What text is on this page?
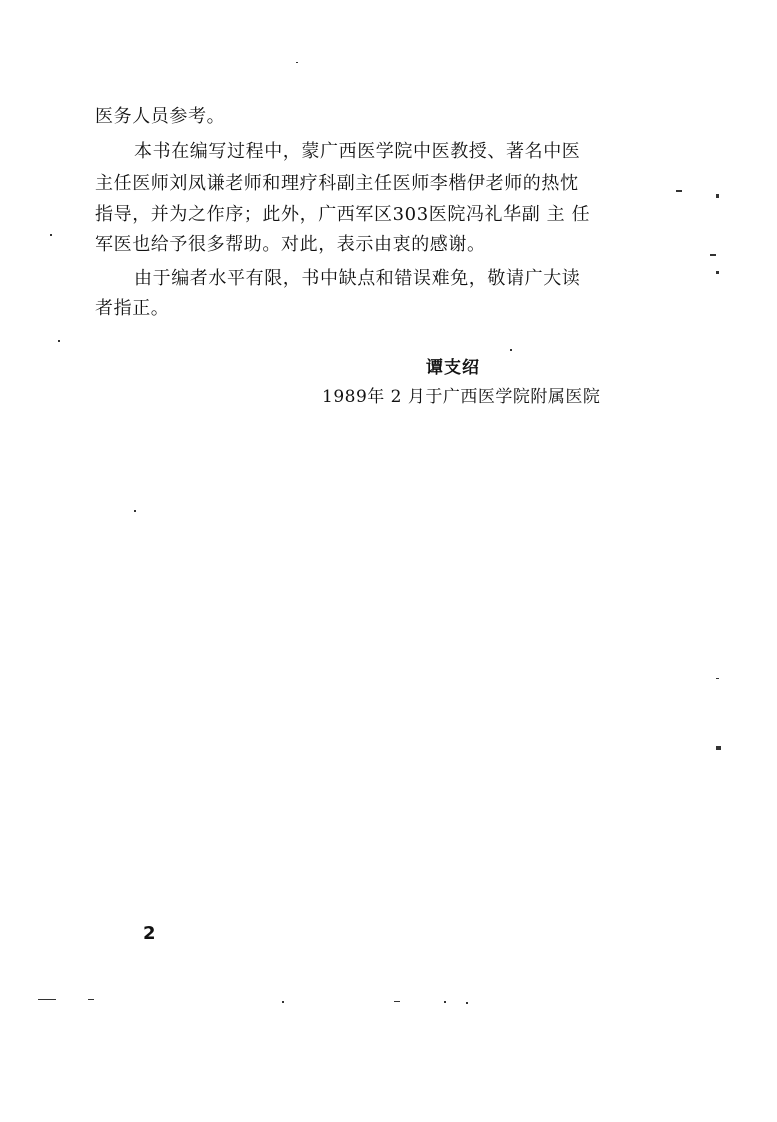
医务人员参考。
本书在编写过程中，蒙广西医学院中医教授、著名中医
主任医师刘凤谦老师和理疗科副主任医师李楷伊老师的热忱
指导，并为之作序；此外，广西军区303医院冯礼华副 主 任
军医也给予很多帮助。对此，表示由衷的感谢。
由于编者水平有限，书中缺点和错误难免，敬请广大读
者指正。
谭支绍
1989年 2 月于广西医学院附属医院
2
